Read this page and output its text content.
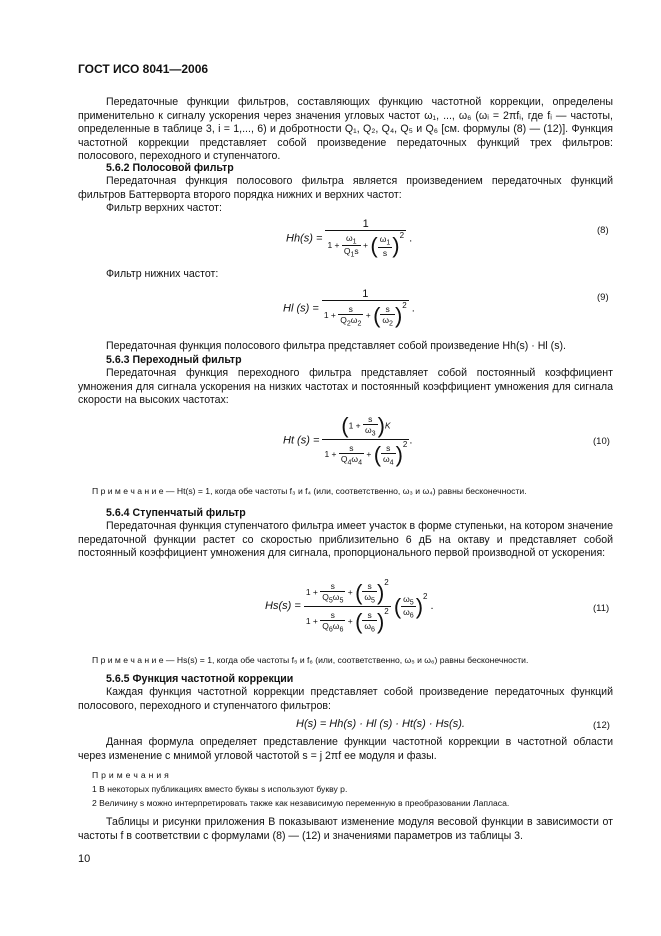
ГОСТ ИСО 8041—2006
Передаточные функции фильтров, составляющих функцию частотной коррекции, определены применительно к сигналу ускорения через значения угловых частот ω₁, ..., ω₆ (ωᵢ = 2πfᵢ, где fᵢ — частоты, определенные в таблице 3, i = 1,..., 6) и добротности Q₁, Q₂, Q₄, Q₅ и Q₆ [см. формулы (8) — (12)]. Функция частотной коррекции представляет собой произведение передаточных функций трех фильтров: полосового, переходного и ступенчатого.
5.6.2 Полосовой фильтр
Передаточная функция полосового фильтра является произведением передаточных функций фильтров Баттерворта второго порядка нижних и верхних частот:
Фильтр верхних частот:
$Hh(s) = \frac{1}{1 + \frac{\omega_1}{Q_1s} + ( \frac{\omega_1}{s} )2}$ .
(8)
Фильтр нижних частот:
Hl $(s) = \frac{1}{1 + \frac{s}{Q_2\omega_2} + ( \frac{s}{\omega_2} )2}$ .
(9)
Передаточная функция полосового фильтра представляет собой произведение Hh(s) · Hl (s).
5.6.3 Переходный фильтр
Передаточная функция переходного фильтра представляет собой постоянный коэффициент умножения для сигнала ускорения на низких частотах и постоянный коэффициент умножения для сигнала скорости на высоких частотах:
Ht $(s) = \frac{(1 + \frac{s}{\omega_3} )K}{1 + \frac{s}{Q_4\omega_4} + ( \frac{s}{\omega_4} )2}$ .	(10)
П р и м е ч а н и е — Ht(s) = 1, когда обе частоты f₃ и f₄ (или, соответственно, ω₃ и ω₄) равны бесконечности.
5.6.4 Ступенчатый фильтр
Передаточная функция ступенчатого фильтра имеет участок в форме ступеньки, на котором значение передаточной функции растет со скоростью приблизительно 6 дБ на октаву и представляет собой постоянный коэффициент умножения для сигнала, пропорционального первой производной от ускорения:
$Hs(s) = \frac{1 + \frac{s}{Q_5\omega_5} + ( \frac{s}{\omega_5} )2}{1 + \frac{s}{Q_6\omega_6} + ( \frac{s}{\omega_6} )2}$ ( $\frac{\omega_5}{\omega_6} )2$ .	(11)
П р и м е ч а н и е — Hs(s) = 1, когда обе частоты f₅ и f₆ (или, соответственно, ω₅ и ω₆) равны бесконечности.
5.6.5 Функция частотной коррекции
Каждая функция частотной коррекции представляет собой произведение передаточных функций полосового, переходного и ступенчатого фильтров:
H(s) = Hh(s) · Hl (s) · Ht(s) · Hs(s).	(12)
Данная формула определяет представление функции частотной коррекции в частотной области через изменение с мнимой угловой частотой s = j 2πf ее модуля и фазы.
П р и м е ч а н и я
1 В некоторых публикациях вместо буквы s используют букву p.
2 Величину s можно интерпретировать также как независимую переменную в преобразовании Лапласа.
Таблицы и рисунки приложения В показывают изменение модуля весовой функции в зависимости от частоты f в соответствии с формулами (8) — (12) и значениями параметров из таблицы 3.
10
